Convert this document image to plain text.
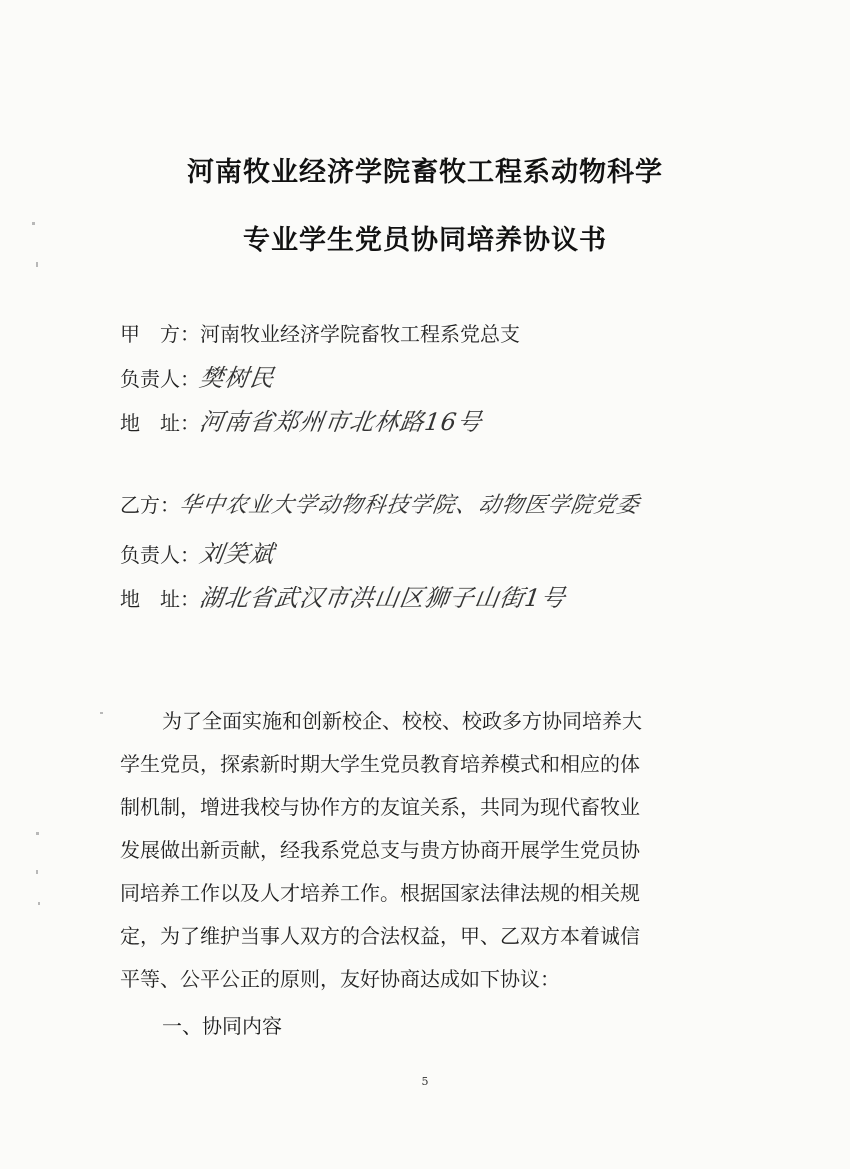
河南牧业经济学院畜牧工程系动物科学
专业学生党员协同培养协议书
甲　方：河南牧业经济学院畜牧工程系党总支
负责人：樊树民
地　址：河南省郑州市北林路16号
乙方：华中农业大学动物科技学院、动物医学院党委
负责人：刘笑斌
地　址：湖北省武汉市洪山区狮子山街1号
为了全面实施和创新校企、校校、校政多方协同培养大
学生党员，探索新时期大学生党员教育培养模式和相应的体
制机制，增进我校与协作方的友谊关系，共同为现代畜牧业
发展做出新贡献，经我系党总支与贵方协商开展学生党员协
同培养工作以及人才培养工作。根据国家法律法规的相关规
定，为了维护当事人双方的合法权益，甲、乙双方本着诚信
平等、公平公正的原则，友好协商达成如下协议：
一、协同内容
5
